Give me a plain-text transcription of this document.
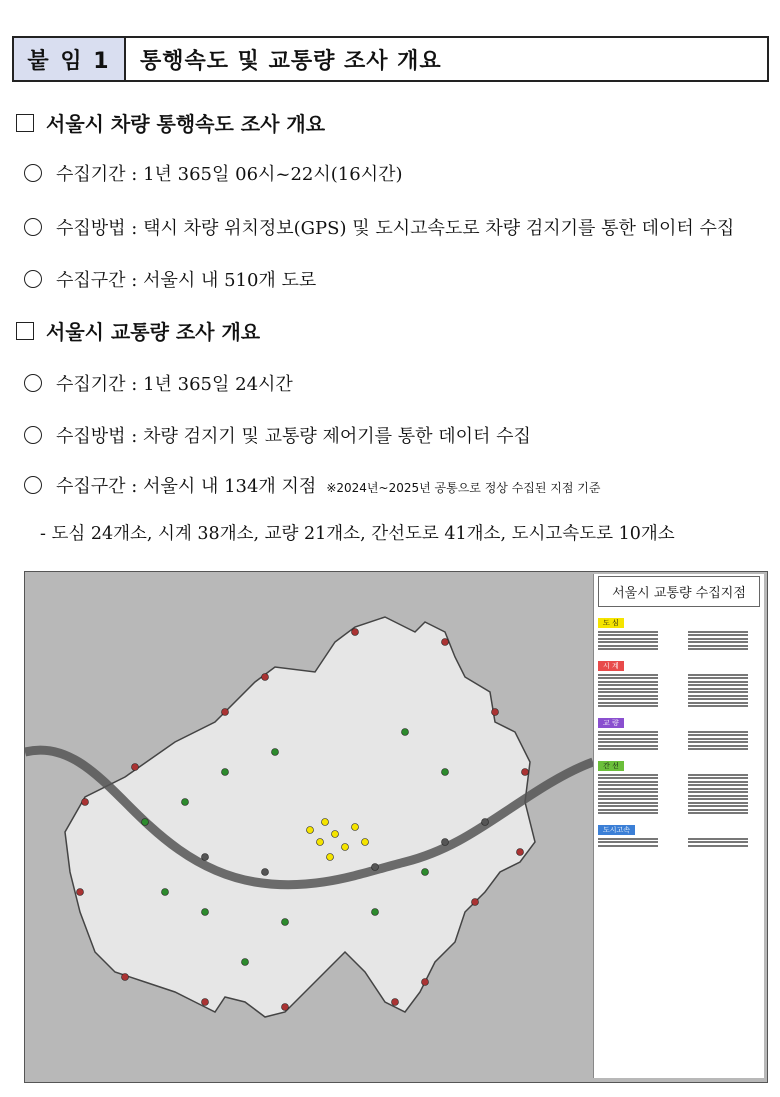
붙 임 1	통행속도 및 교통량 조사 개요
서울시 차량 통행속도 조사 개요
수집기간 : 1년 365일 06시~22시(16시간)
수집방법 : 택시 차량 위치정보(GPS) 및 도시고속도로 차량 검지기를 통한 데이터 수집
수집구간 : 서울시 내 510개 도로
서울시 교통량 조사 개요
수집기간 : 1년 365일 24시간
수집방법 : 차량 검지기 및 교통량 제어기를 통한 데이터 수집
수집구간 : 서울시 내 134개 지점 ※2024년~2025년 공통으로 정상 수집된 지점 기준
- 도심 24개소, 시계 38개소, 교량 21개소, 간선도로 41개소, 도시고속도로 10개소
서울시 교통량 수집지점
도 심
시 계
교 량
간 선
도시고속
